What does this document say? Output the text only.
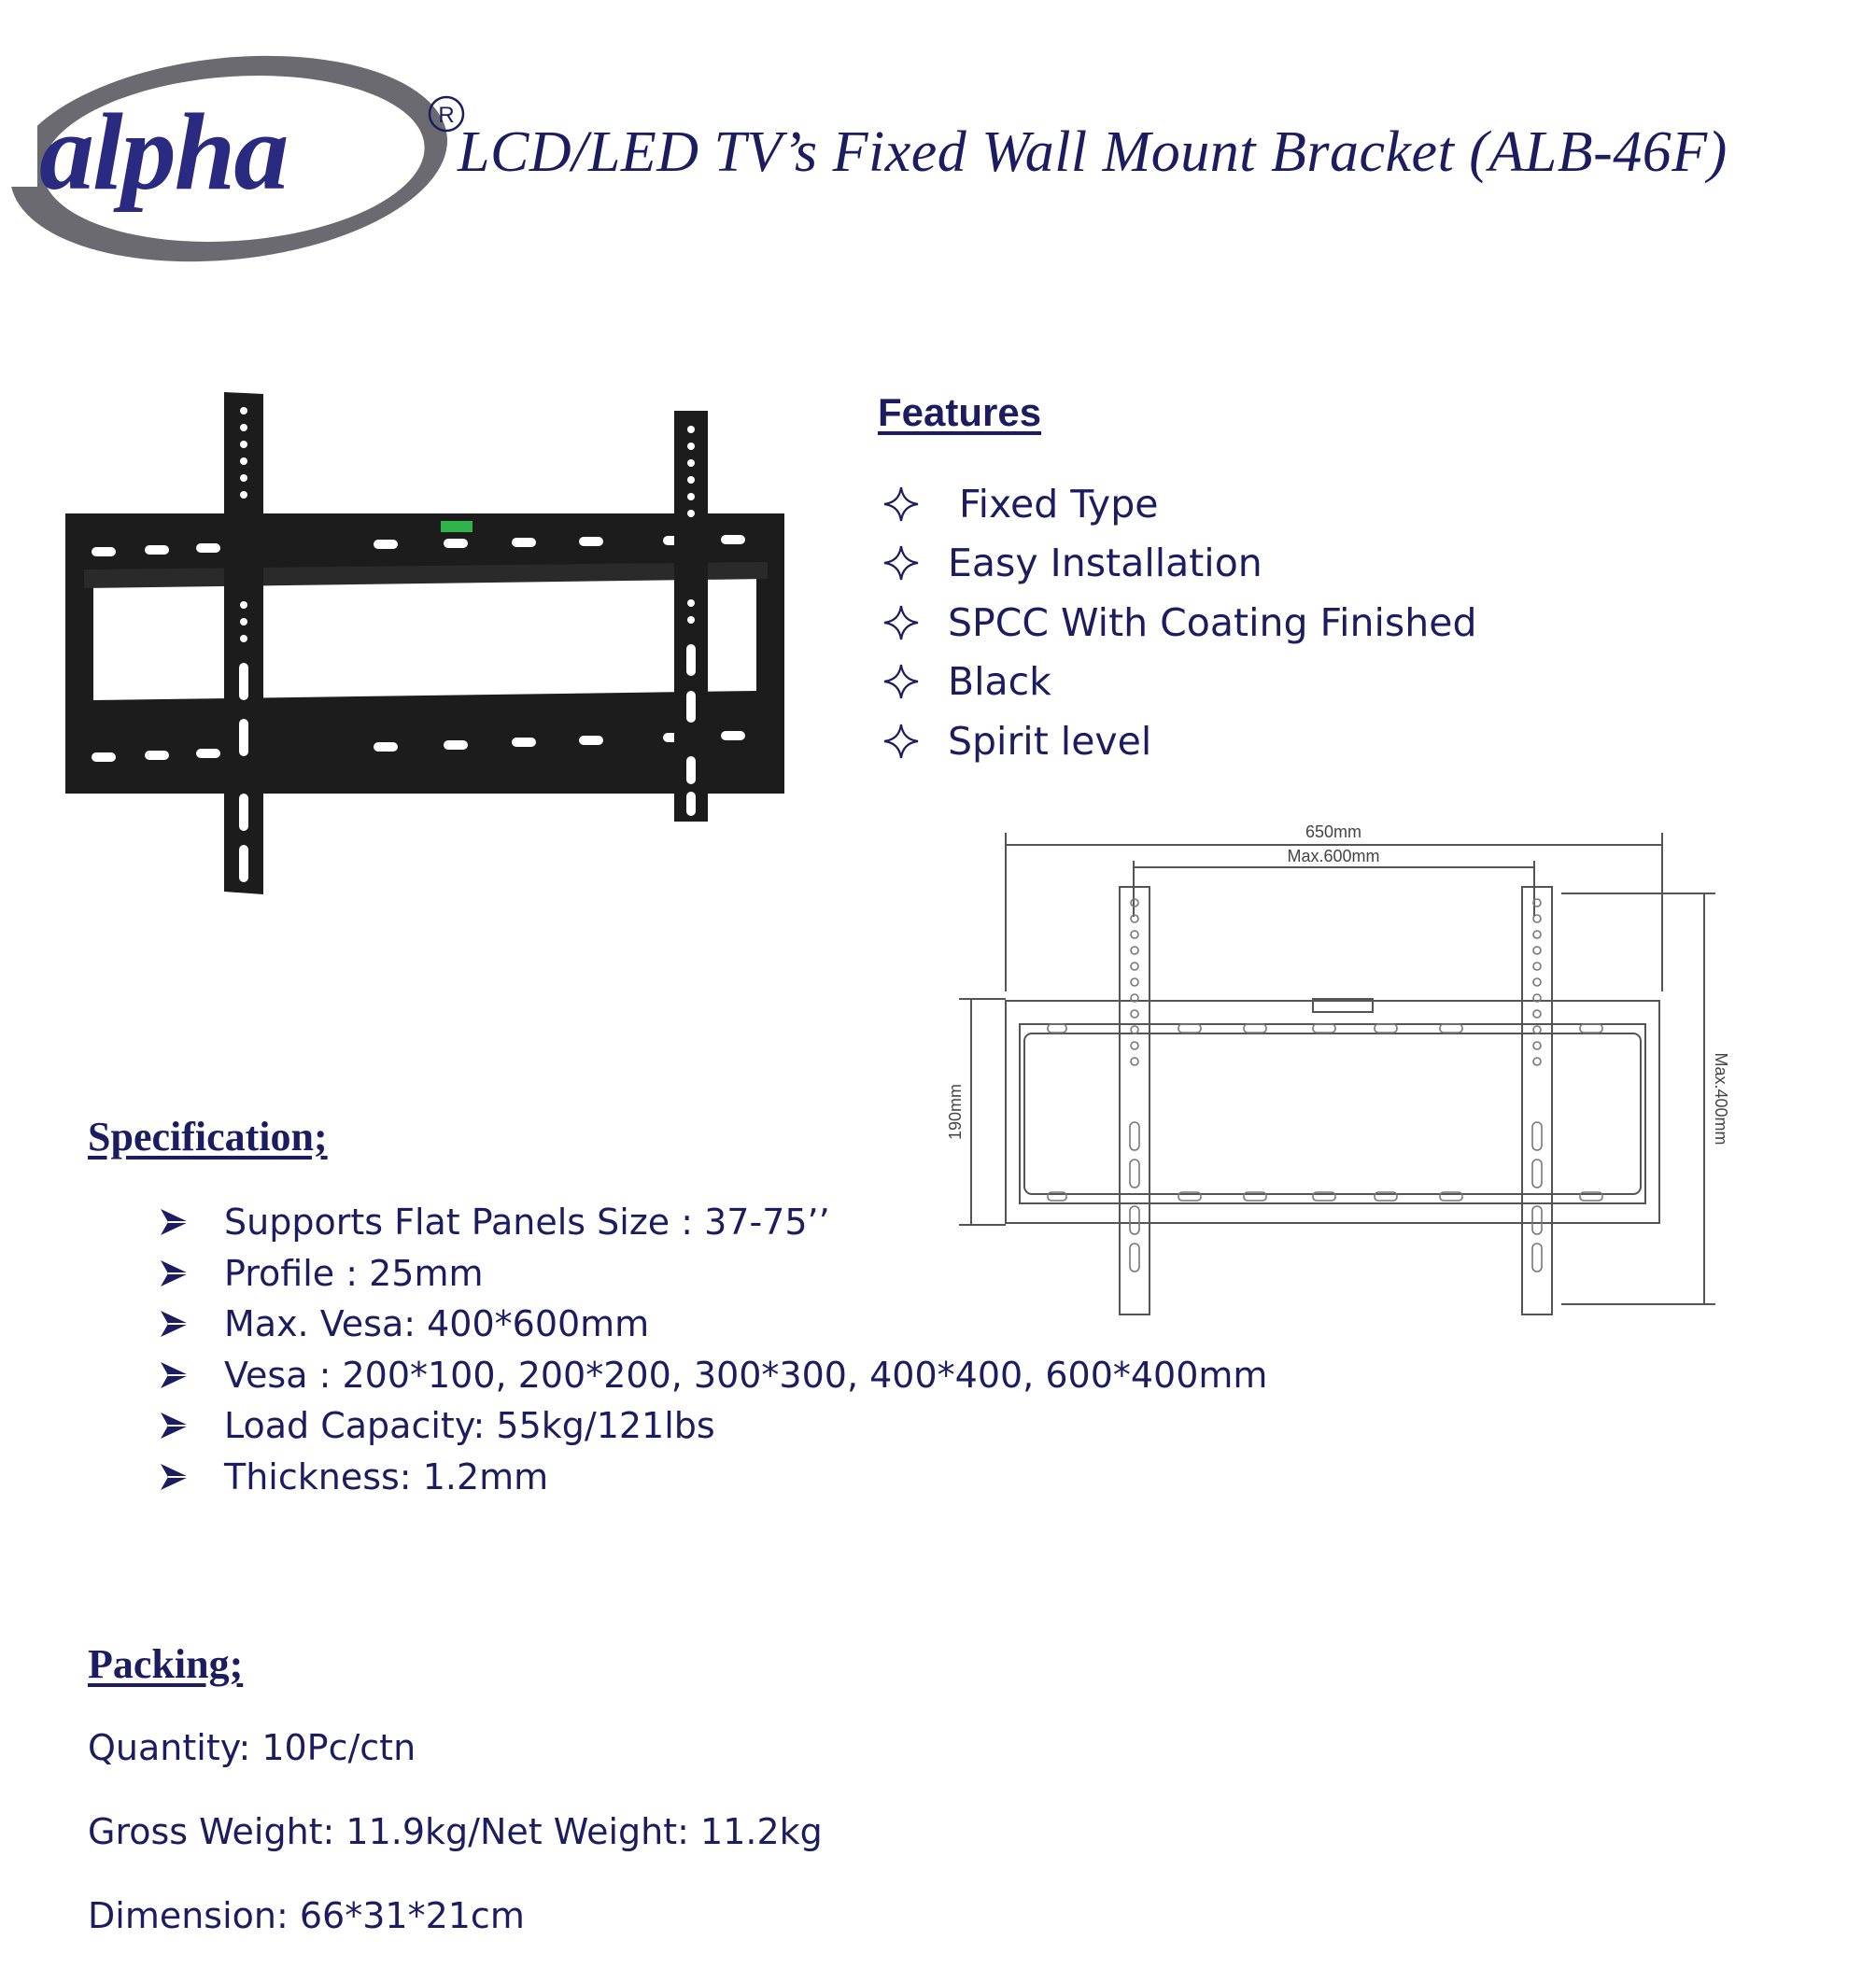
alpha	R
LCD/LED TV’s Fixed Wall Mount Bracket (ALB-46F)
Features
Fixed Type
Easy Installation
SPCC With Coating Finished
Black
Spirit level
650mm
Max.600mm
190mm	Max.400mm
Specification;
Supports Flat Panels Size : 37-75’’
Profile : 25mm
Max. Vesa: 400*600mm
Vesa : 200*100, 200*200, 300*300, 400*400, 600*400mm
Load Capacity: 55kg/121lbs
Thickness: 1.2mm
Packing;
Quantity: 10Pc/ctn
Gross Weight: 11.9kg/Net Weight: 11.2kg
Dimension: 66*31*21cm
